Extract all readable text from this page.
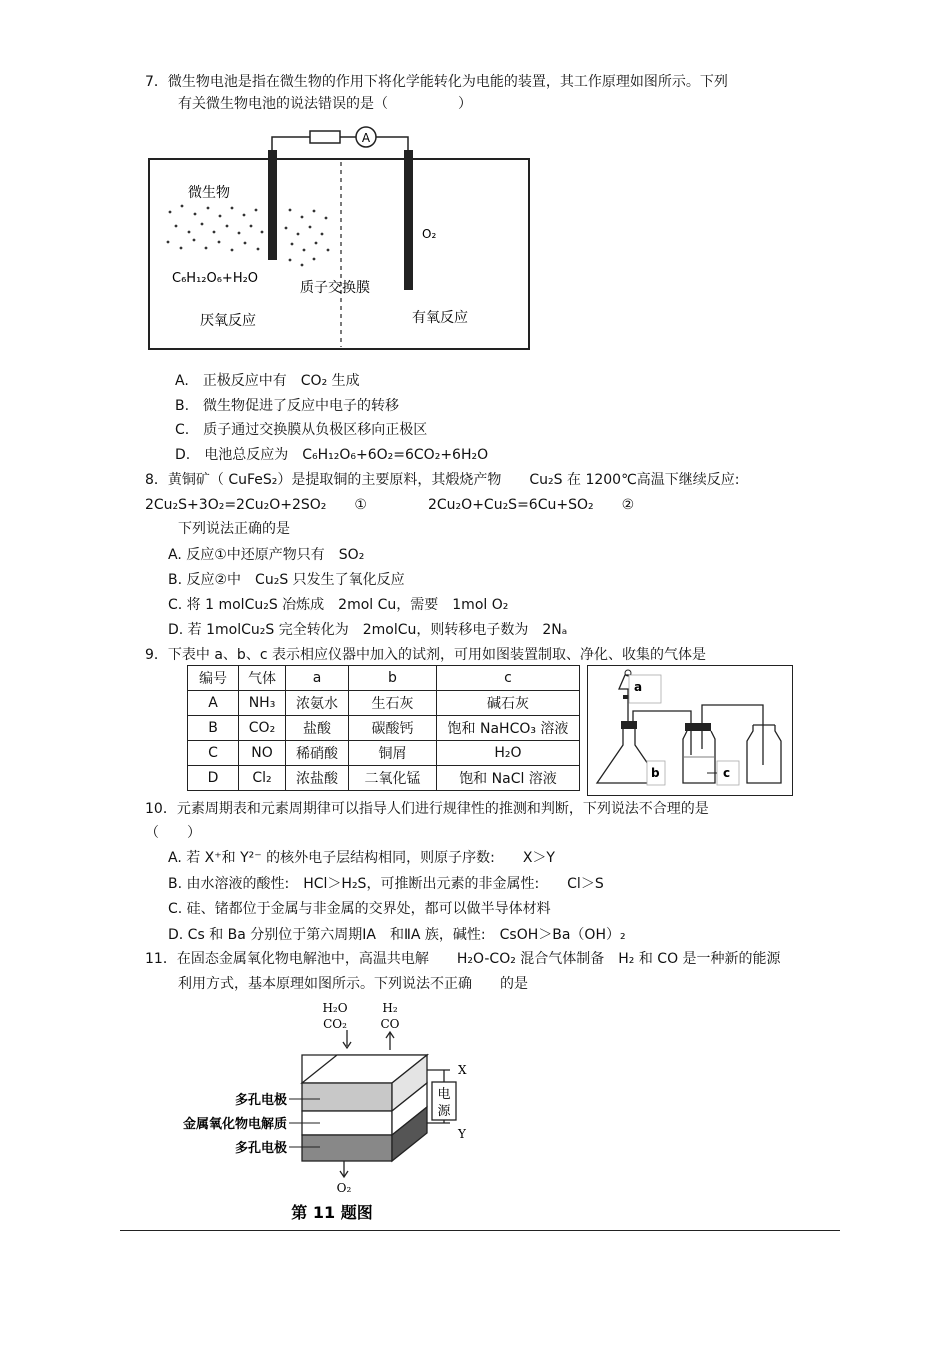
7．微生物电池是指在微生物的作用下将化学能转化为电能的装置，其工作原理如图所示。下列
有关微生物电池的说法错误的是（　　　　　）
A
微生物
C₆H₁₂O₆+H₂O
质子交换膜
厌氧反应	有氧反应
O₂
A.　正极反应中有　CO₂ 生成
B.　微生物促进了反应中电子的转移
C.　质子通过交换膜从负极区移向正极区
D.　电池总反应为　C₆H₁₂O₆+6O₂=6CO₂+6H₂O
8．黄铜矿（ CuFeS₂）是提取铜的主要原料，其煅烧产物　　Cu₂S 在 1200℃高温下继续反应:
2Cu₂S+3O₂=2Cu₂O+2SO₂　　①	2Cu₂O+Cu₂S=6Cu+SO₂　　②
下列说法正确的是
A. 反应①中还原产物只有　SO₂
B. 反应②中　Cu₂S 只发生了氧化反应
C. 将 1 molCu₂S 冶炼成　2mol Cu，需要　1mol O₂
D. 若 1molCu₂S 完全转化为　2molCu，则转移电子数为　2Nₐ
9．下表中 a、b、c 表示相应仪器中加入的试剂，可用如图装置制取、净化、收集的气体是
编号	气体	a	b	c
A	NH₃	浓氨水	生石灰	碱石灰
B	CO₂	盐酸	碳酸钙	饱和 NaHCO₃ 溶液
C	NO	稀硝酸	铜屑	H₂O
D	Cl₂	浓盐酸	二氧化锰	饱和 NaCl 溶液
a
b	c
10．元素周期表和元素周期律可以指导人们进行规律性的推测和判断，下列说法不合理的是
（　　）
A. 若 X⁺和 Y²⁻ 的核外电子层结构相同，则原子序数:　　X＞Y
B. 由水溶液的酸性:　HCl＞H₂S，可推断出元素的非金属性:　　Cl＞S
C. 硅、锗都位于金属与非金属的交界处，都可以做半导体材料
D. Cs 和 Ba 分别位于第六周期ⅠA　和ⅡA 族，碱性:　CsOH＞Ba（OH）₂
11．在固态金属氧化物电解池中，高温共电解　　H₂O-CO₂ 混合气体制备　H₂ 和 CO 是一种新的能源
利用方式，基本原理如图所示。下列说法不正确　　的是
H₂O
CO₂
H₂
CO
电
源
X
Y
多孔电极
金属氧化物电解质
多孔电极
O₂
第 11 题图
